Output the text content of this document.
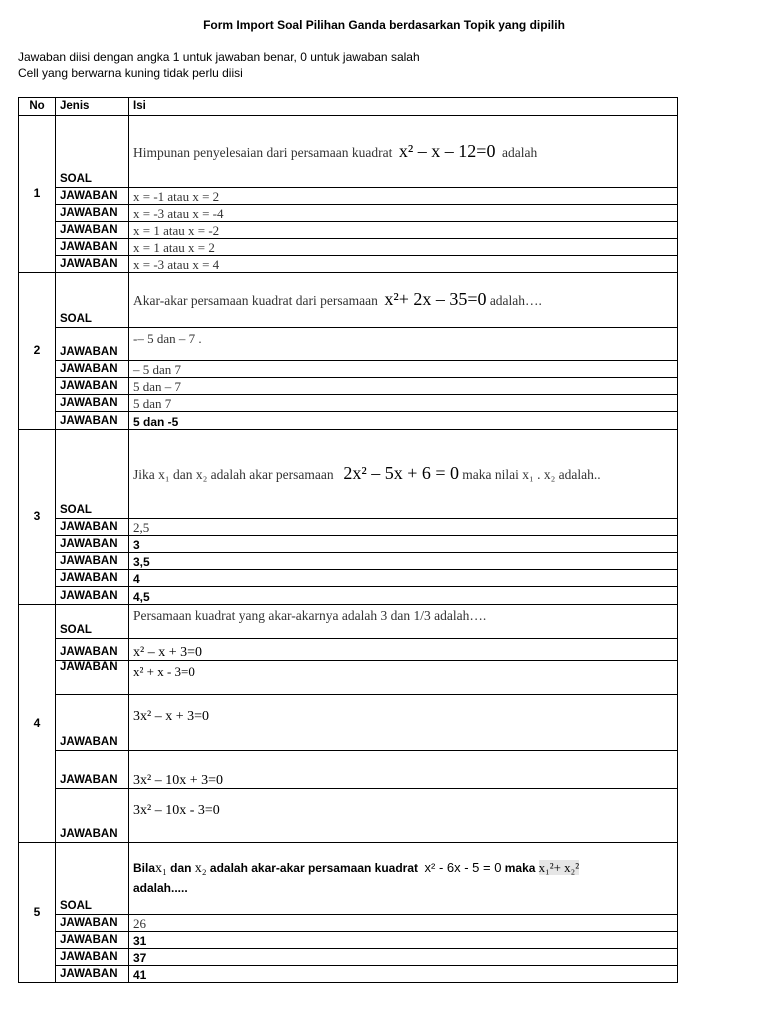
Form Import Soal Pilihan Ganda berdasarkan Topik yang dipilih
Jawaban diisi dengan angka 1 untuk jawaban benar, 0 untuk jawaban salah
Cell yang berwarna kuning tidak perlu diisi
No	Jenis	Isi
1	SOAL	Himpunan penyelesaian dari persamaan kuadrat x² – x – 12=0 adalah
	JAWABAN	x = -1 atau x = 2
	JAWABAN	x = -3 atau x = -4
	JAWABAN	x = 1 atau x = -2
	JAWABAN	x = 1 atau x = 2
	JAWABAN	x = -3 atau x = 4
2	SOAL	Akar-akar persamaan kuadrat dari persamaan x²+ 2x – 35=0 adalah….
	JAWABAN	-– 5 dan – 7 .
	JAWABAN	– 5 dan 7
	JAWABAN	5 dan – 7
	JAWABAN	5 dan 7
	JAWABAN	5 dan -5
3	SOAL	Jika x₁ dan x₂ adalah akar persamaan 2x² – 5x + 6 = 0 maka nilai x₁ . x₂ adalah..
	JAWABAN	2,5
	JAWABAN	3
	JAWABAN	3,5
	JAWABAN	4
	JAWABAN	4,5
4	SOAL	Persamaan kuadrat yang akar-akarnya adalah 3 dan 1/3 adalah….
	JAWABAN	x² – x + 3=0
	JAWABAN	x² + x - 3=0
	JAWABAN	3x² – x + 3=0
	JAWABAN	3x² – 10x + 3=0
	JAWABAN	3x² – 10x - 3=0
5	SOAL	Bilax₁ dan x₂ adalah akar-akar persamaan kuadrat x² - 6x - 5 = 0 maka x₁²+ x₂²
adalah.....
	JAWABAN	26
	JAWABAN	31
	JAWABAN	37
	JAWABAN	41
